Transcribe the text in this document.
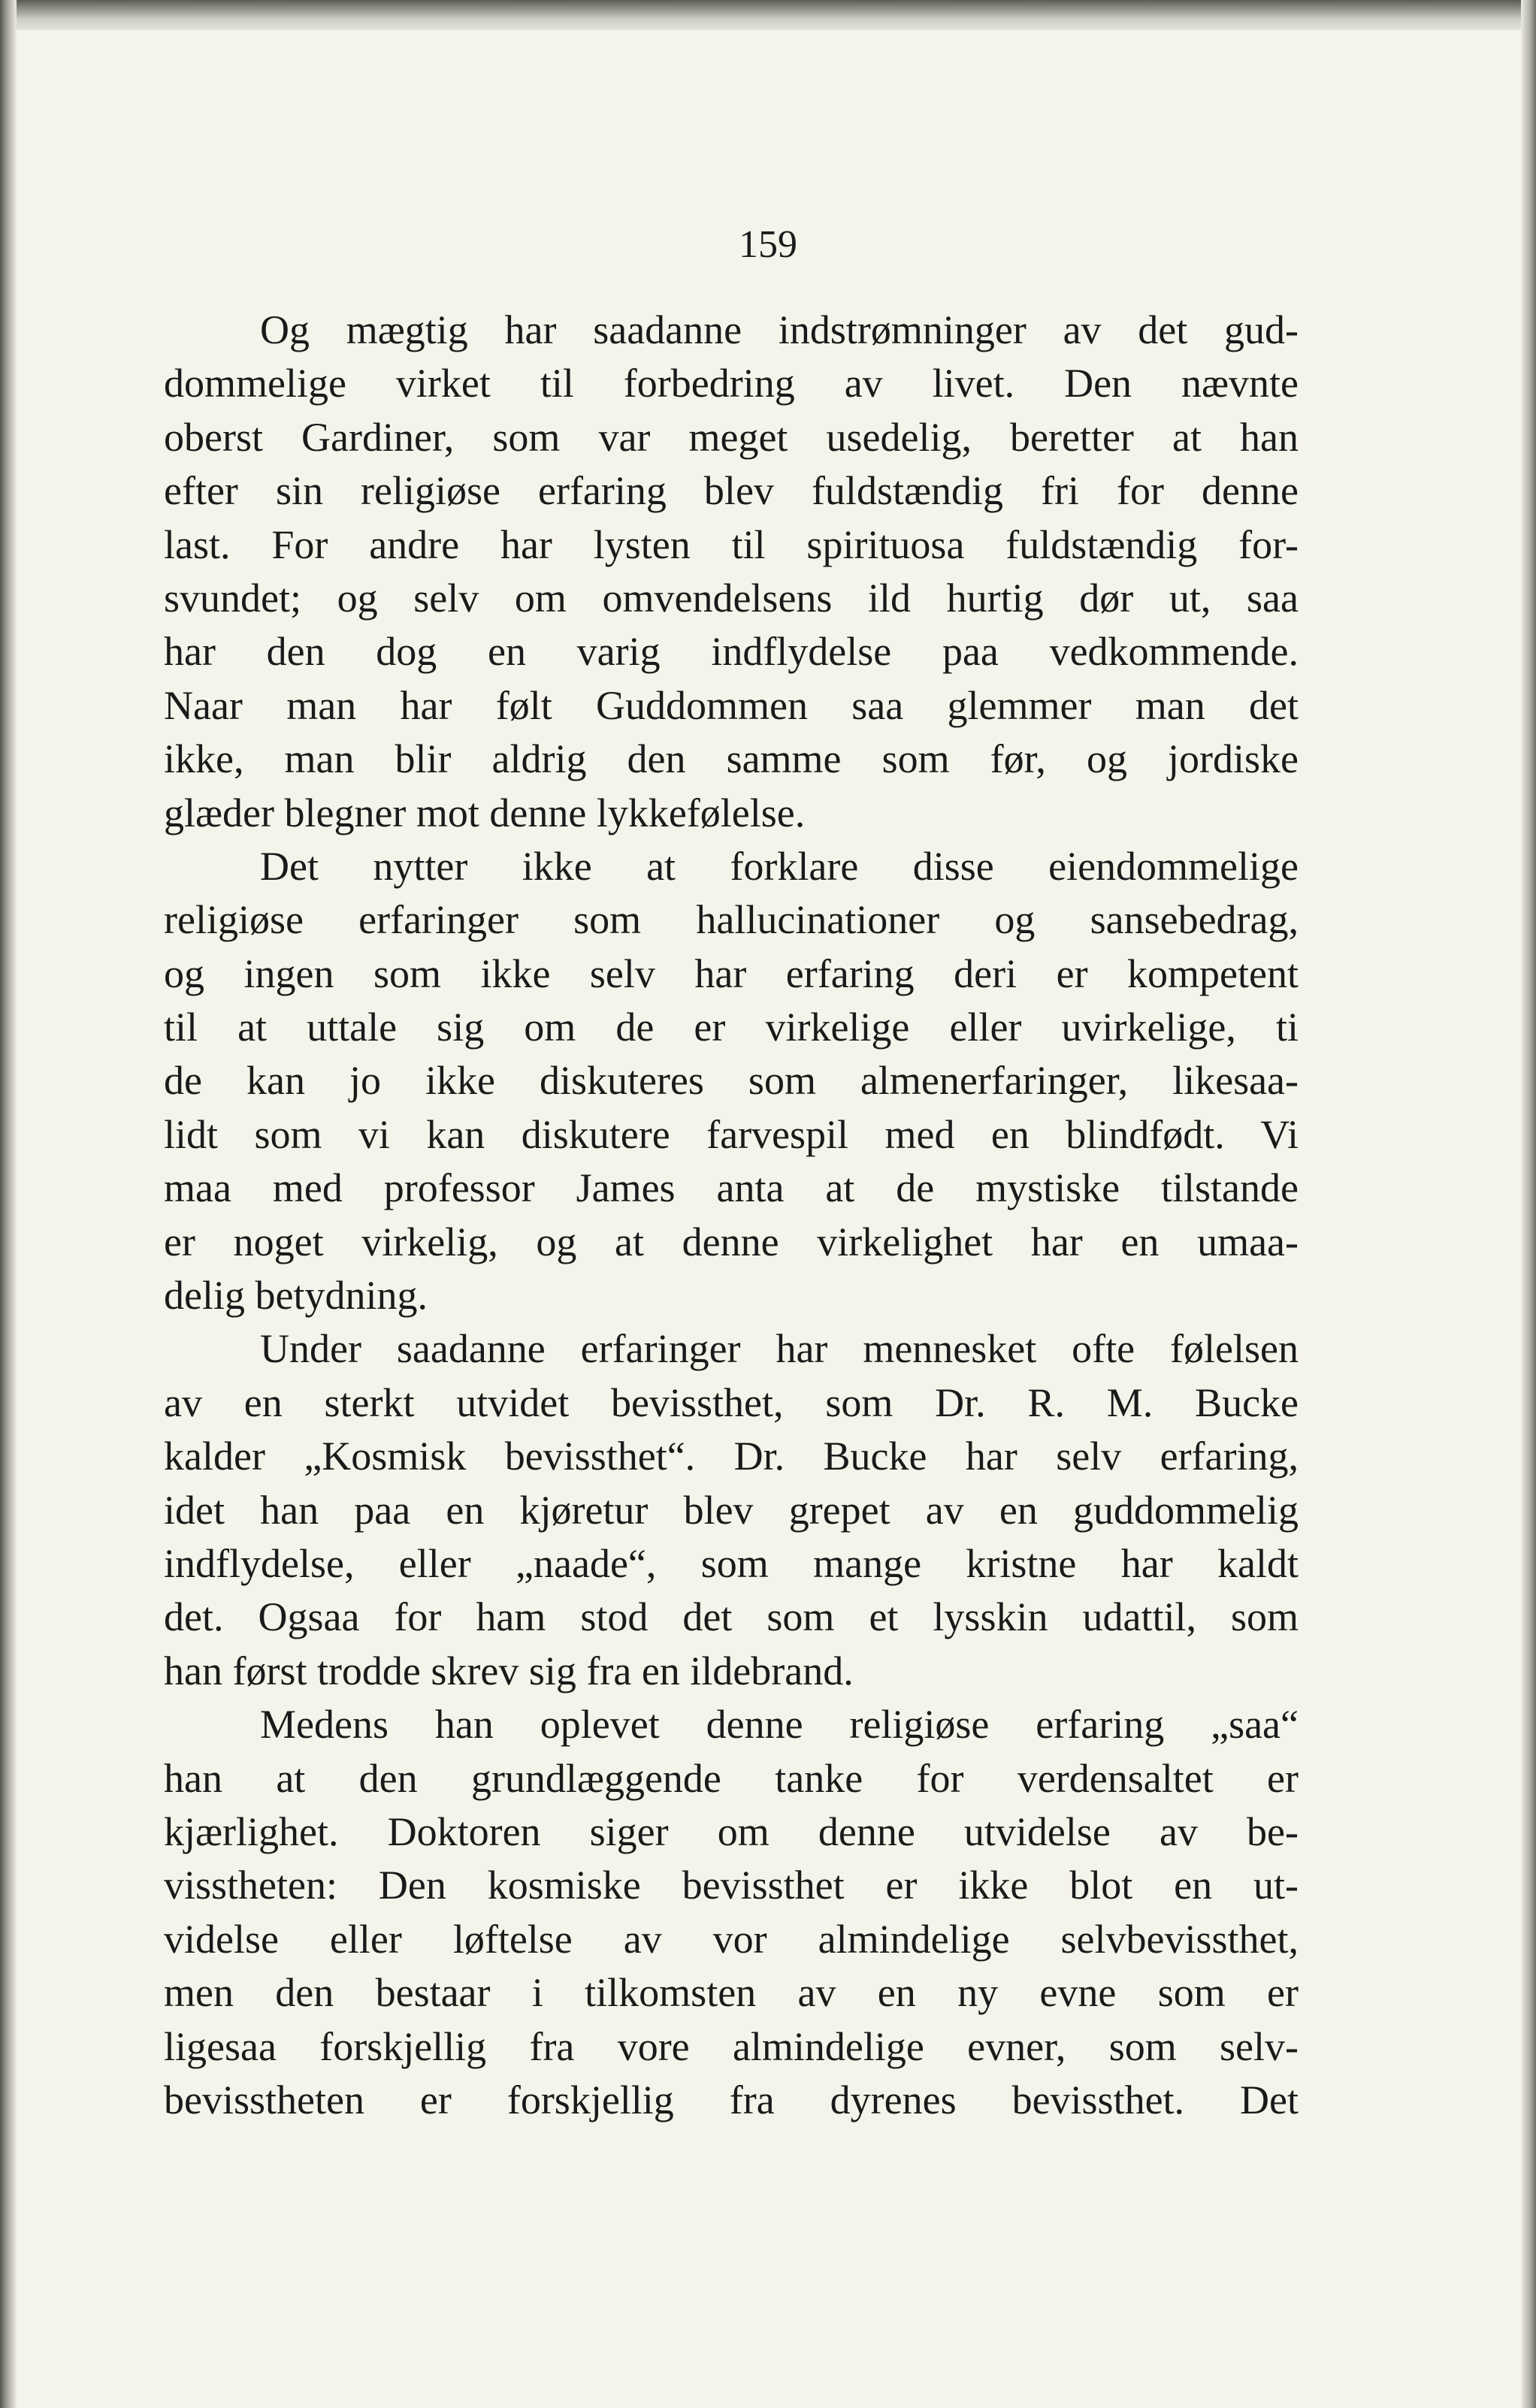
159
Og mægtig har saadanne indstrømninger av det gud-
dommelige virket til forbedring av livet. Den nævnte
oberst Gardiner, som var meget usedelig, beretter at han
efter sin religiøse erfaring blev fuldstændig fri for denne
last. For andre har lysten til spirituosa fuldstændig for-
svundet; og selv om omvendelsens ild hurtig dør ut, saa
har den dog en varig indflydelse paa vedkommende.
Naar man har følt Guddommen saa glemmer man det
ikke, man blir aldrig den samme som før, og jordiske
glæder blegner mot denne lykkefølelse.
Det nytter ikke at forklare disse eiendommelige
religiøse erfaringer som hallucinationer og sansebedrag,
og ingen som ikke selv har erfaring deri er kompetent
til at uttale sig om de er virkelige eller uvirkelige, ti
de kan jo ikke diskuteres som almenerfaringer, likesaa-
lidt som vi kan diskutere farvespil med en blindfødt. Vi
maa med professor James anta at de mystiske tilstande
er noget virkelig, og at denne virkelighet har en umaa-
delig betydning.
Under saadanne erfaringer har mennesket ofte følelsen
av en sterkt utvidet bevissthet, som Dr. R. M. Bucke
kalder „Kosmisk bevissthet“. Dr. Bucke har selv erfaring,
idet han paa en kjøretur blev grepet av en guddommelig
indflydelse, eller „naade“, som mange kristne har kaldt
det. Ogsaa for ham stod det som et lysskin udattil, som
han først trodde skrev sig fra en ildebrand.
Medens han oplevet denne religiøse erfaring „saa“
han at den grundlæggende tanke for verdensaltet er
kjærlighet. Doktoren siger om denne utvidelse av be-
visstheten: Den kosmiske bevissthet er ikke blot en ut-
videlse eller løftelse av vor almindelige selvbevissthet,
men den bestaar i tilkomsten av en ny evne som er
ligesaa forskjellig fra vore almindelige evner, som selv-
bevisstheten er forskjellig fra dyrenes bevissthet. Det
